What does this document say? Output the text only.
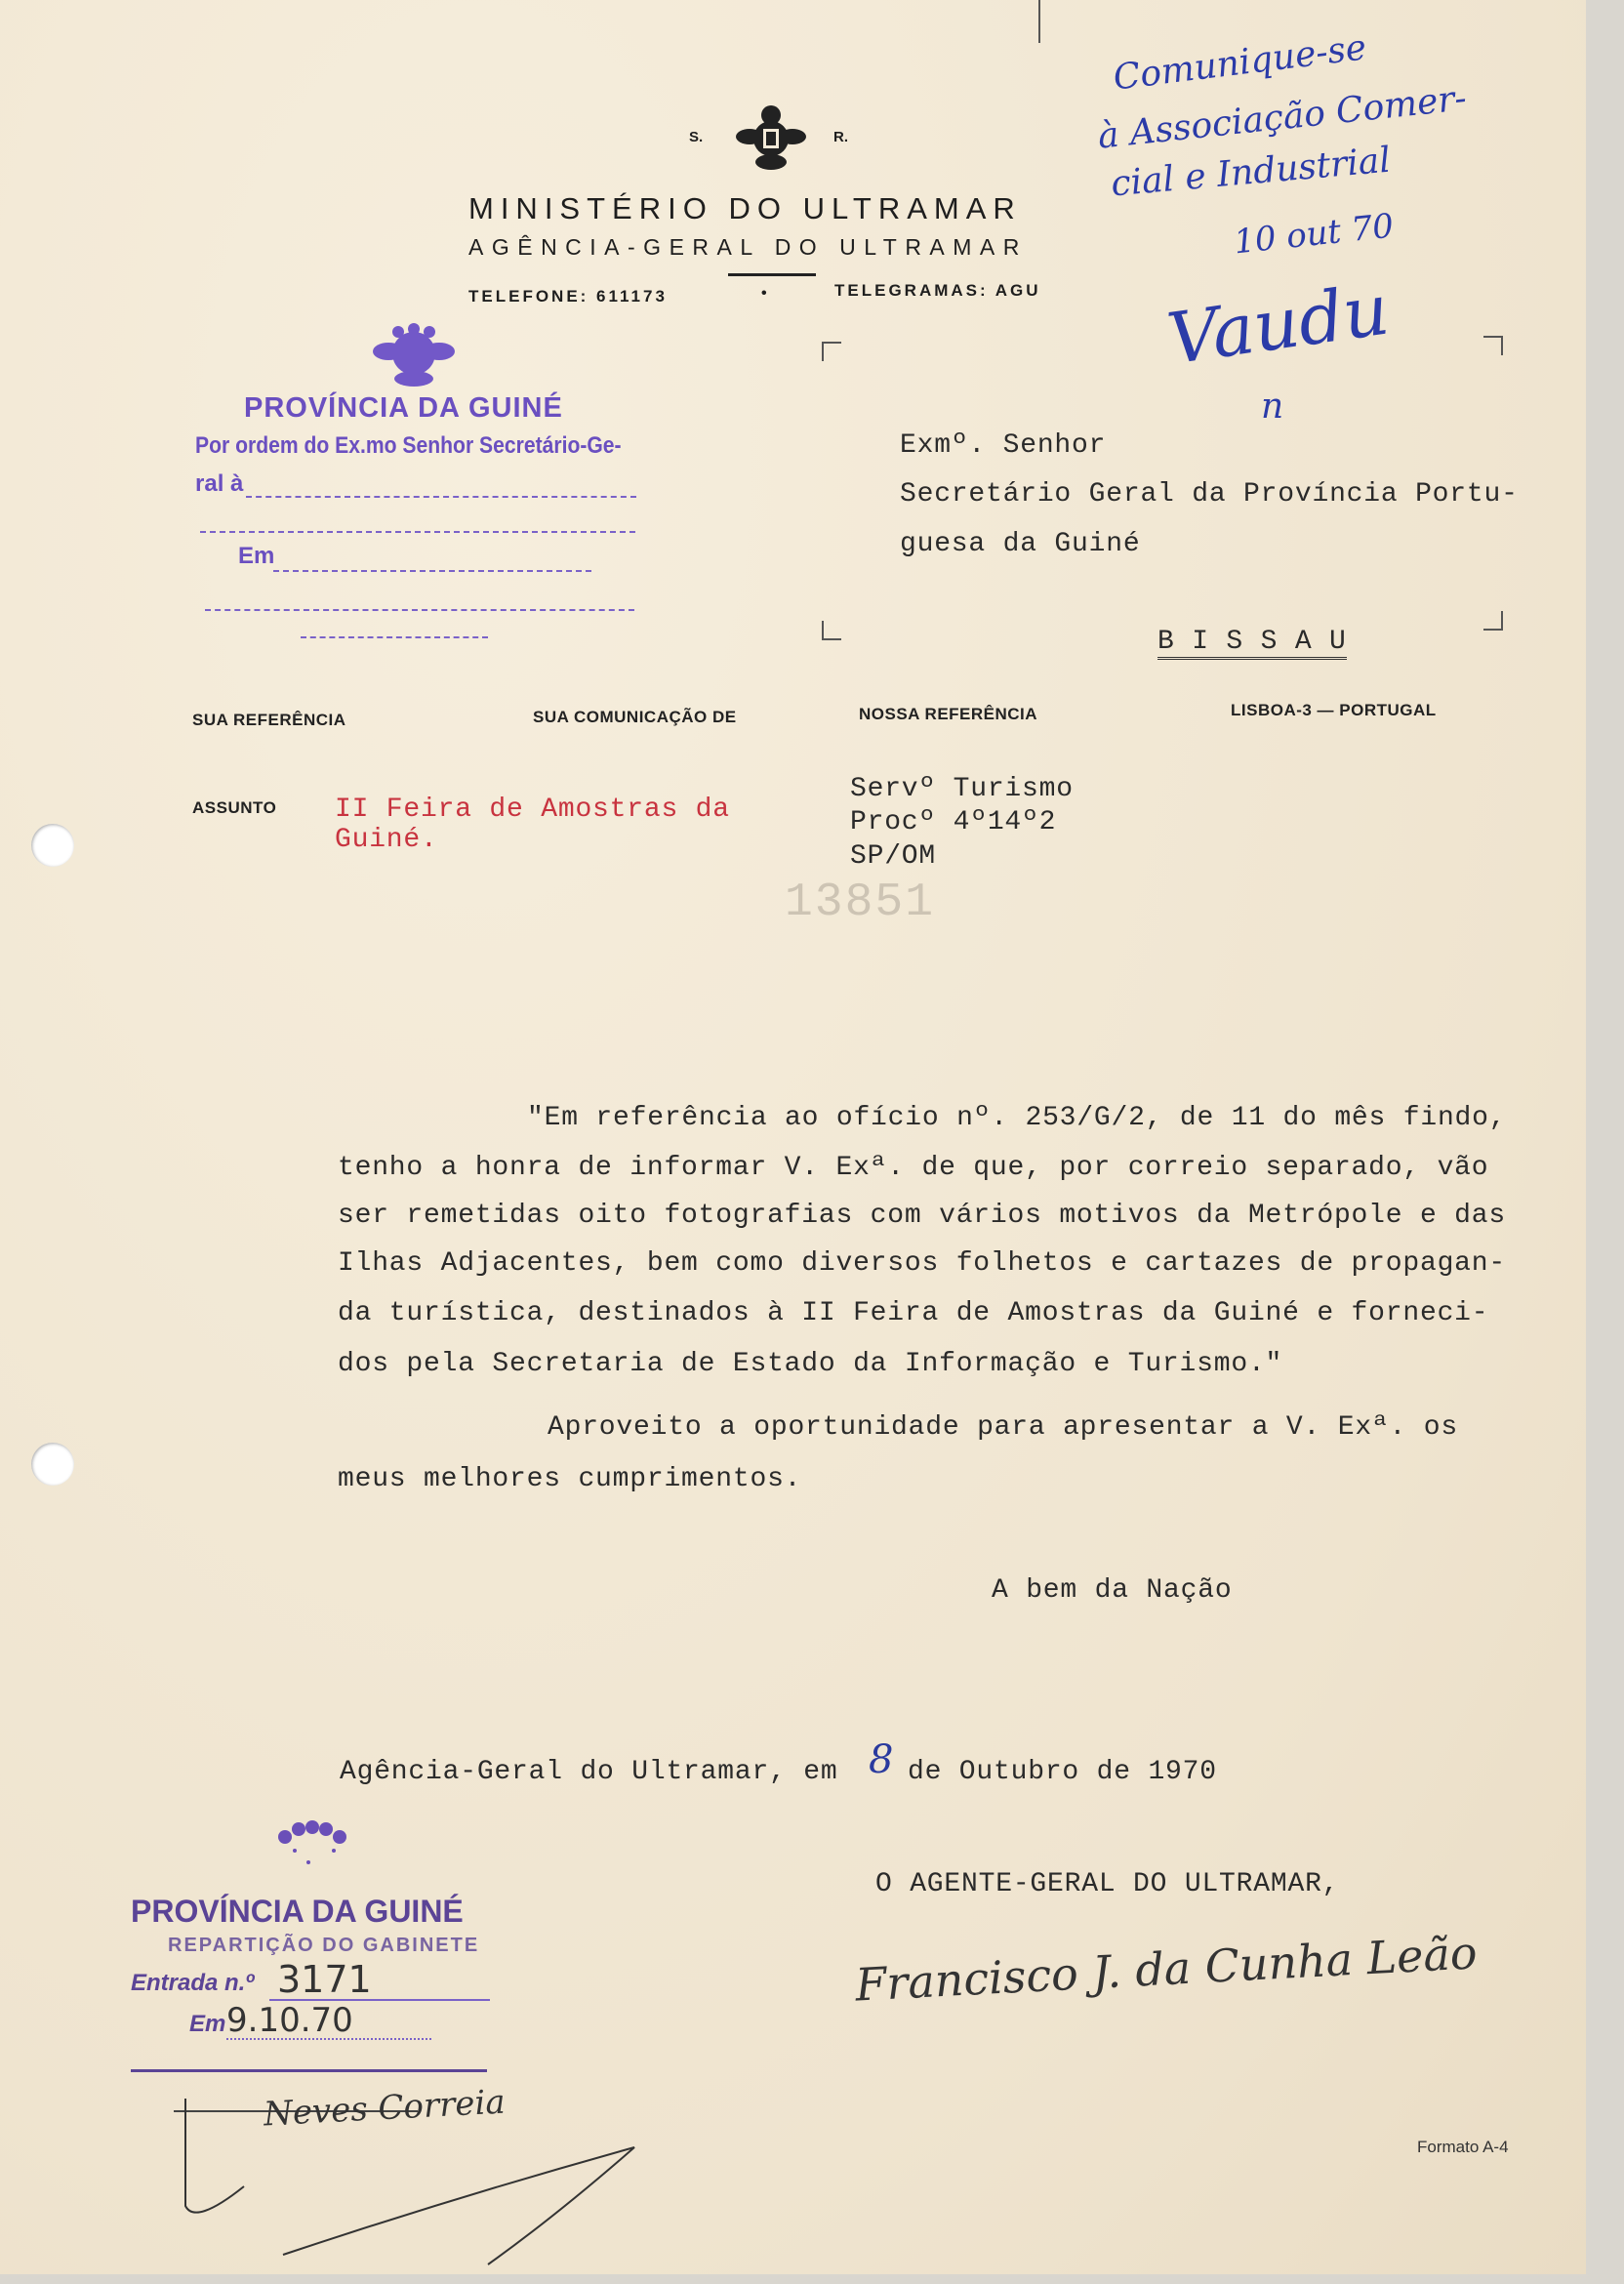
S.	R.
MINISTÉRIO DO ULTRAMAR
AGÊNCIA-GERAL DO ULTRAMAR
TELEFONE: 611173	•	TELEGRAMAS: AGU
PROVÍNCIA DA GUINÉ
Por ordem do Ex.mo Senhor Secretário-Ge-
ral à
Em
Comunique-se
à Associação Comer-
cial e Industrial
10 out 70
Vaudu
n
Exmº. Senhor
Secretário Geral da Província Portu-
guesa da Guiné
B I S S A U
SUA REFERÊNCIA	SUA COMUNICAÇÃO DE	NOSSA REFERÊNCIA	LISBOA-3 — PORTUGAL
ASSUNTO II Feira de Amostras da
Guiné.
Servº Turismo
Procº 4º14º2
SP/OM
13851
"Em referência ao ofício nº. 253/G/2, de 11 do mês findo,
tenho a honra de informar V. Exª. de que, por correio separado, vão
ser remetidas oito fotografias com vários motivos da Metrópole e das
Ilhas Adjacentes, bem como diversos folhetos e cartazes de propagan-
da turística, destinados à II Feira de Amostras da Guiné e forneci-
dos pela Secretaria de Estado da Informação e Turismo."
Aproveito a oportunidade para apresentar a V. Exª. os
meus melhores cumprimentos.
A bem da Nação
Agência-Geral do Ultramar, em 8 de Outubro de 1970
O AGENTE-GERAL DO ULTRAMAR,
Francisco J. da Cunha Leão
PROVÍNCIA DA GUINÉ
REPARTIÇÃO DO GABINETE
Entrada n.º 3171
Em 9.10.70
Neves Correia
Formato A-4
